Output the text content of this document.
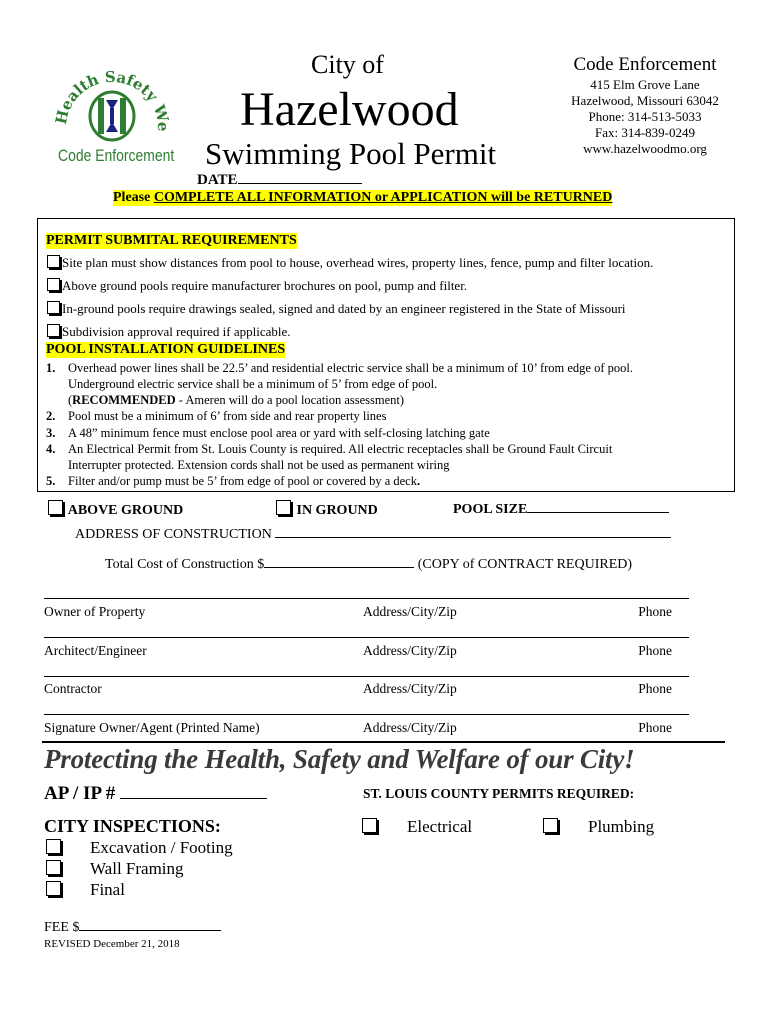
Health Safety We
Code Enforcement
City of
Hazelwood
Swimming Pool Permit
Code Enforcement
415 Elm Grove Lane
Hazelwood, Missouri 63042
Phone: 314-513-5033
Fax: 314-839-0249
www.hazelwoodmo.org
DATE
Please COMPLETE ALL INFORMATION or APPLICATION will be RETURNED
PERMIT SUBMITAL REQUIREMENTS
Site plan must show distances from pool to house, overhead wires, property lines, fence, pump and filter location.
Above ground pools require manufacturer brochures on pool, pump and filter.
In-ground pools require drawings sealed, signed and dated by an engineer registered in the State of Missouri
Subdivision approval required if applicable.
POOL INSTALLATION GUIDELINES
1. Overhead power lines shall be 22.5’ and residential electric service shall be a minimum of 10’ from edge of pool.
Underground electric service shall be a minimum of 5’ from edge of pool.
(RECOMMENDED - Ameren will do a pool location assessment)
2. Pool must be a minimum of 6’ from side and rear property lines
3. A 48” minimum fence must enclose pool area or yard with self-closing latching gate
4. An Electrical Permit from St. Louis County is required. All electric receptacles shall be Ground Fault Circuit
Interrupter protected. Extension cords shall not be used as permanent wiring
5. Filter and/or pump must be 5’ from edge of pool or covered by a deck.
ABOVE GROUND	IN GROUND	POOL SIZE
ADDRESS OF CONSTRUCTION
Total Cost of Construction $	(COPY of CONTRACT REQUIRED)
Owner of Property	Address/City/Zip	Phone
Architect/Engineer	Address/City/Zip	Phone
Contractor	Address/City/Zip	Phone
Signature Owner/Agent (Printed Name)	Address/City/Zip	Phone
Protecting the Health, Safety and Welfare of our City!
AP / IP #	ST. LOUIS COUNTY PERMITS REQUIRED:
CITY INSPECTIONS:
Excavation / Footing
Wall Framing
Final
Electrical	Plumbing
FEE $
REVISED December 21, 2018
